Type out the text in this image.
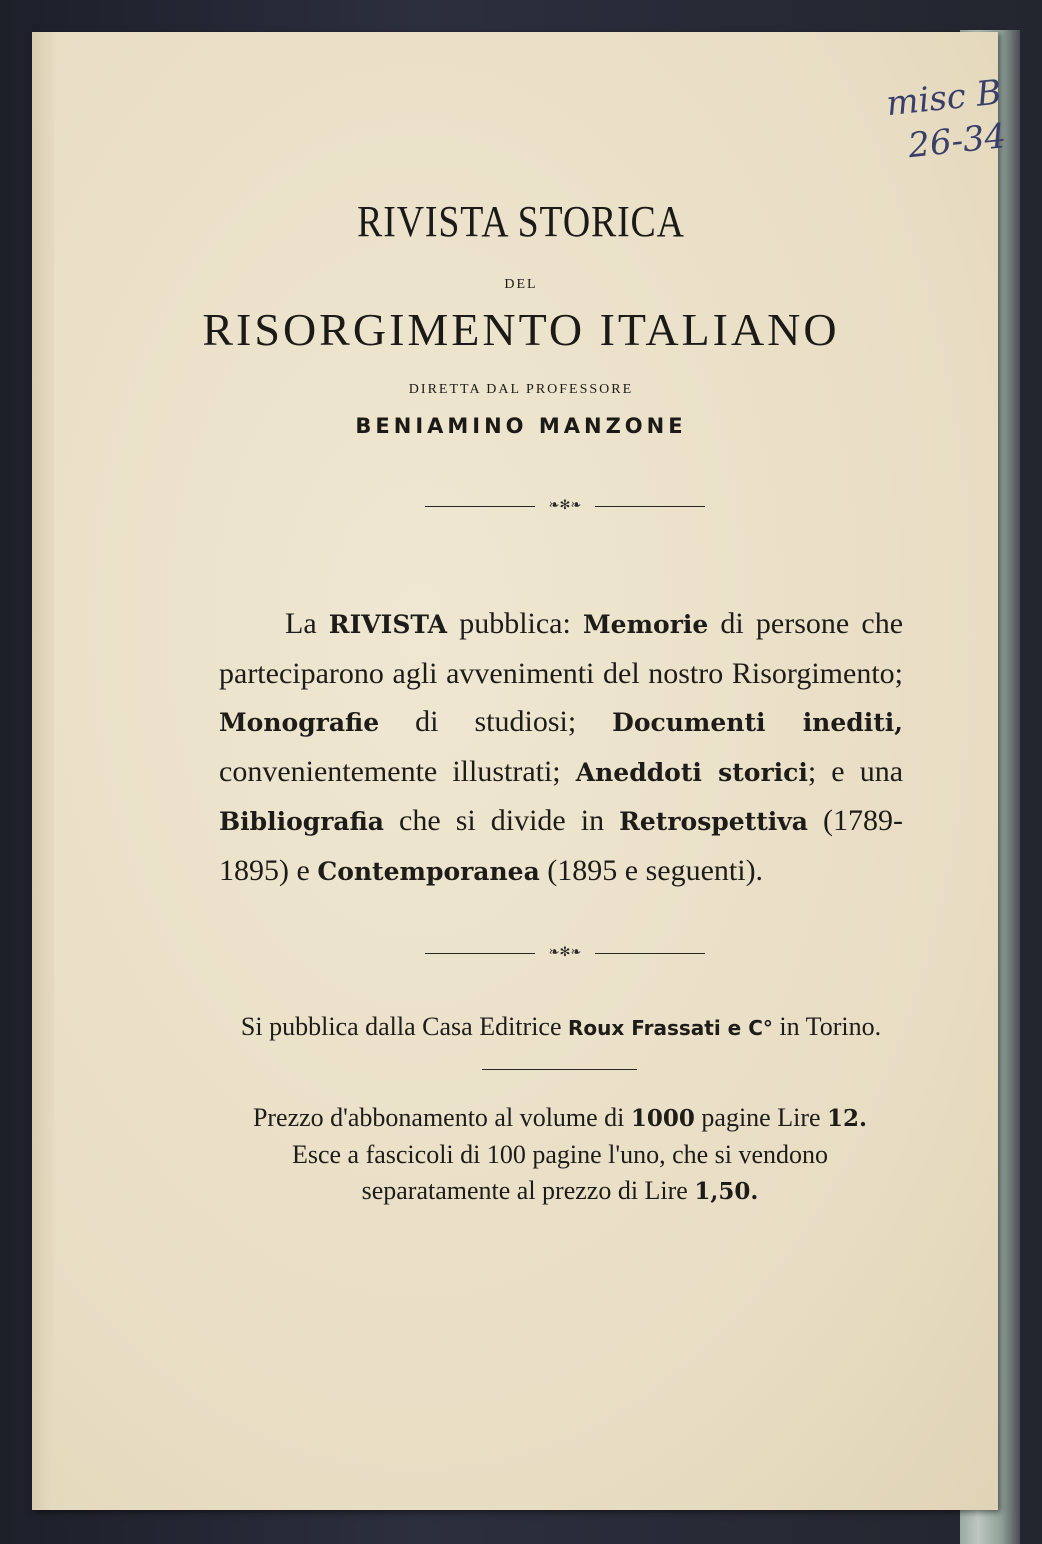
misc B
26-34
RIVISTA STORICA
DEL
RISORGIMENTO ITALIANO
DIRETTA DAL PROFESSORE
BENIAMINO MANZONE
❧✻❧
La RIVISTA pubblica: Memorie di persone che parteciparono agli avvenimenti del nostro Risorgimento; Monografie di studiosi; Documenti inediti, convenientemente illustrati; Aneddoti storici; e una Bibliografia che si divide in Retrospettiva (1789-1895) e Contemporanea (1895 e seguenti).
❧✻❧
Si pubblica dalla Casa Editrice Roux Frassati e C° in Torino.
Prezzo d'abbonamento al volume di 1000 pagine Lire 12.
Esce a fascicoli di 100 pagine l'uno, che si vendono
separatamente al prezzo di Lire 1,50.
